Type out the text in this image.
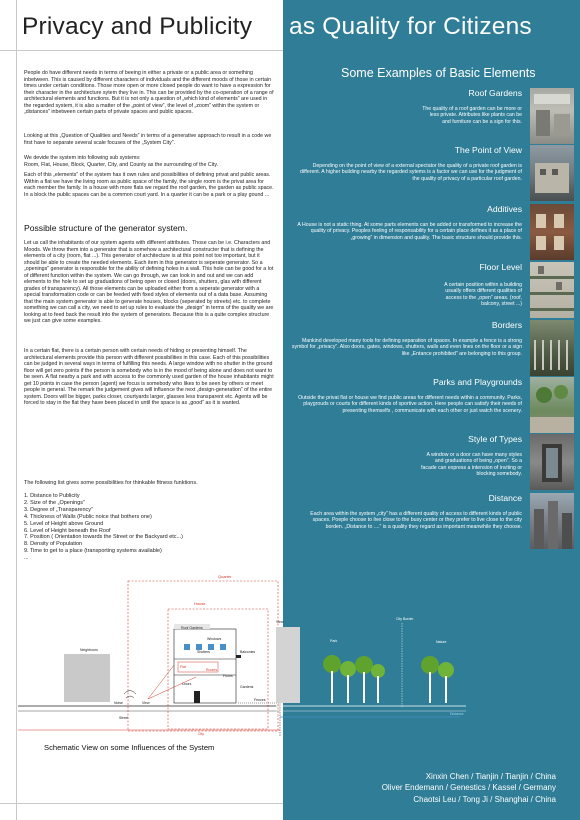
Privacy and Publicity as Quality for Citizens

People do have different needs in terms of beeing in either a private or a public area or something inbetween. This is caused by different characters of individuals and the different moods of those in certain times under certain conditions. Those more open or more closed people do want to have a expression for their character in the architecture sytem they live in. This can be provided by the co-operation of a range of architectural elements and functions. But it is not only a question of „which kind of elements” are used in the regarded system, it is also a matter of the „point of view”, the level of „zoom” within the system or „distances” inbetween certain parts of private spaces and public spaces.

Looking at this „Question of Qualities and Needs” in terms of a generative approach to result in a code we first have to separate several scale focuses of the „System City”.

We devide the system into following sub systems:
Room, Flat, House, Block, Quarter, City, and County as the surrounding of the City.

Each of this „elements” of the system has it own rules and possibilities of defining privat and public areas. Within a flat we have the living room as public space of the family, the single room is the privat area for each member the family. In a house with more flats we regard the roof garden, the garden as public space. In a block the public spaces can be a common court yard. In a quarter it can be a park or a play gound ...

Possible structure of the generator system.

Let us call the inhabitants of our system agents with different attributes. Those can be i.e. Characters and Moods. We throw them into a generator that is somehow a architectural constructer that is defining the elements of a city (room, flat ...). This generator of architecture is at this point not too important, but it should be able to create the needed elements. Each item in this generator is seperate generator. So a „openings” generator is responsible for the ability of defining holes in a wall. This hole can be good for a lot of different function within the system. We can go through, we can look in and out and we can add elements to the hole to set up graduations of being open or closed (doors, shutters, glas with different grades of transparency). All those elements can be uploaded either from a seperate generator with a special transformation code or can be feeded with fixed styles of elements out of a data base. Assuming that the main system generator is able to generate houses, blocks (seperated by streets) etc. to complete something we can call a city, we need to set up rules to evaluate the „design” in terms of the quality we are looking at to feed back the result into the system of generators. Because this is a quite complex structure we just can give some examples.

In a certain flat, there is a certain person with certain needs of hiding or presenting himself. The architectural elements provide this person with different possibilities in this case. Each of this possibilities can be judged in several ways in terms of fulfilling this needs. A large window with no shutter in the ground floor will get zero points if the person is somebody who is in the mood of being alone and does not want to be seen. A flat nearby a park and with access to the commonly used garden of the house inhabitants might get 10 points in case the person (agent) we focus is somebody who likes to be seen by others or meet people in general. The remark the judgement gives will influence the next „design-generation” of the entire system. Doors will be bigger, parks closer, courtyards larger, glasses less transparent etc. Agents will be forced to stay in the flat they have been placed in until the space is as „good” as it is wanted.

The following list gives some possibilities for thinkable fitness funktions.

1. Distance to Publicity
2. Size of the „Openings”
3. Degree of „Transparency”
4. Thickness of Walls (Public noice that bothers one)
5. Level of Height above Ground
6. Level of Height beneath the Roof
7. Position ( Orientation towards the Street or the Backyard etc...)
8. Density of Population
9. Time to get to a place (transporting systems available)
...
Some Examples of Basic Elements
Roof Gardens
The quality of a roof garden can be more or less private. Attributes like plants can be and furniture can be a sign for this.
The Point of View
Depending on the point of view of a external spectator the quality of a private roof garden is different. A higher building nearby the regarded sytems is a factor we can use for the judgment of the quality of privacy of a particular roof garden.
Additives
A House is not a static thing. At some parts elements can be added or transformed to increase the quality of privacy. Peoples feeling of responsability for a certain place defines it as a place of „growing” in dimension and quality. The basic structure should provide this.
Floor Level
A certain position within a building usually offers different qualities of access to the „open” areas. (roof, balcony, street ...)
Borders
Mankind developed many tools for defining separation of spaces. In example a fence is a strong symbol for „privacy”. Also doors, gates, windows, shutters, walls and even lines on the floor or a sign like „Entance prohibited” are belonging to this group.
Parks and Playgrounds
Outside the privat flat or house we find public areas for different needs within a community. Parks, playgrouds or courts for different kinds of sportive action. Here people can satisfy their needs of presenting themselfs , communicate with each other or just watch the scenery.
Style of Types
A window or a door can have many styles and graduations of being „open”. So a facade can express a intension of inviting or blocking somebody.
Distance
Each area within the system „city” has a different quality of access to different kinds of public spaces. Poeple choose to live close to the busy center or they prefer to live close to the city borden. „Distance to ....” is a quality they regard as important meanwhile they choose.
Quarter
House
Neighbours
Roof Gardens
Windows
Shutters	Balconies
Flat
Rooms
Floors
Doors
Gardens
Fences
Noise	View
Street
City
View
City Border
Park	Nature
Distance
Schematic View on some Influences of the System
Xinxin Chen / Tianjin / Tianjin / China
Oliver Endemann / Genestics / Kassel / Germany
Chaotsi Leu / Tong Ji / Shanghai / China
